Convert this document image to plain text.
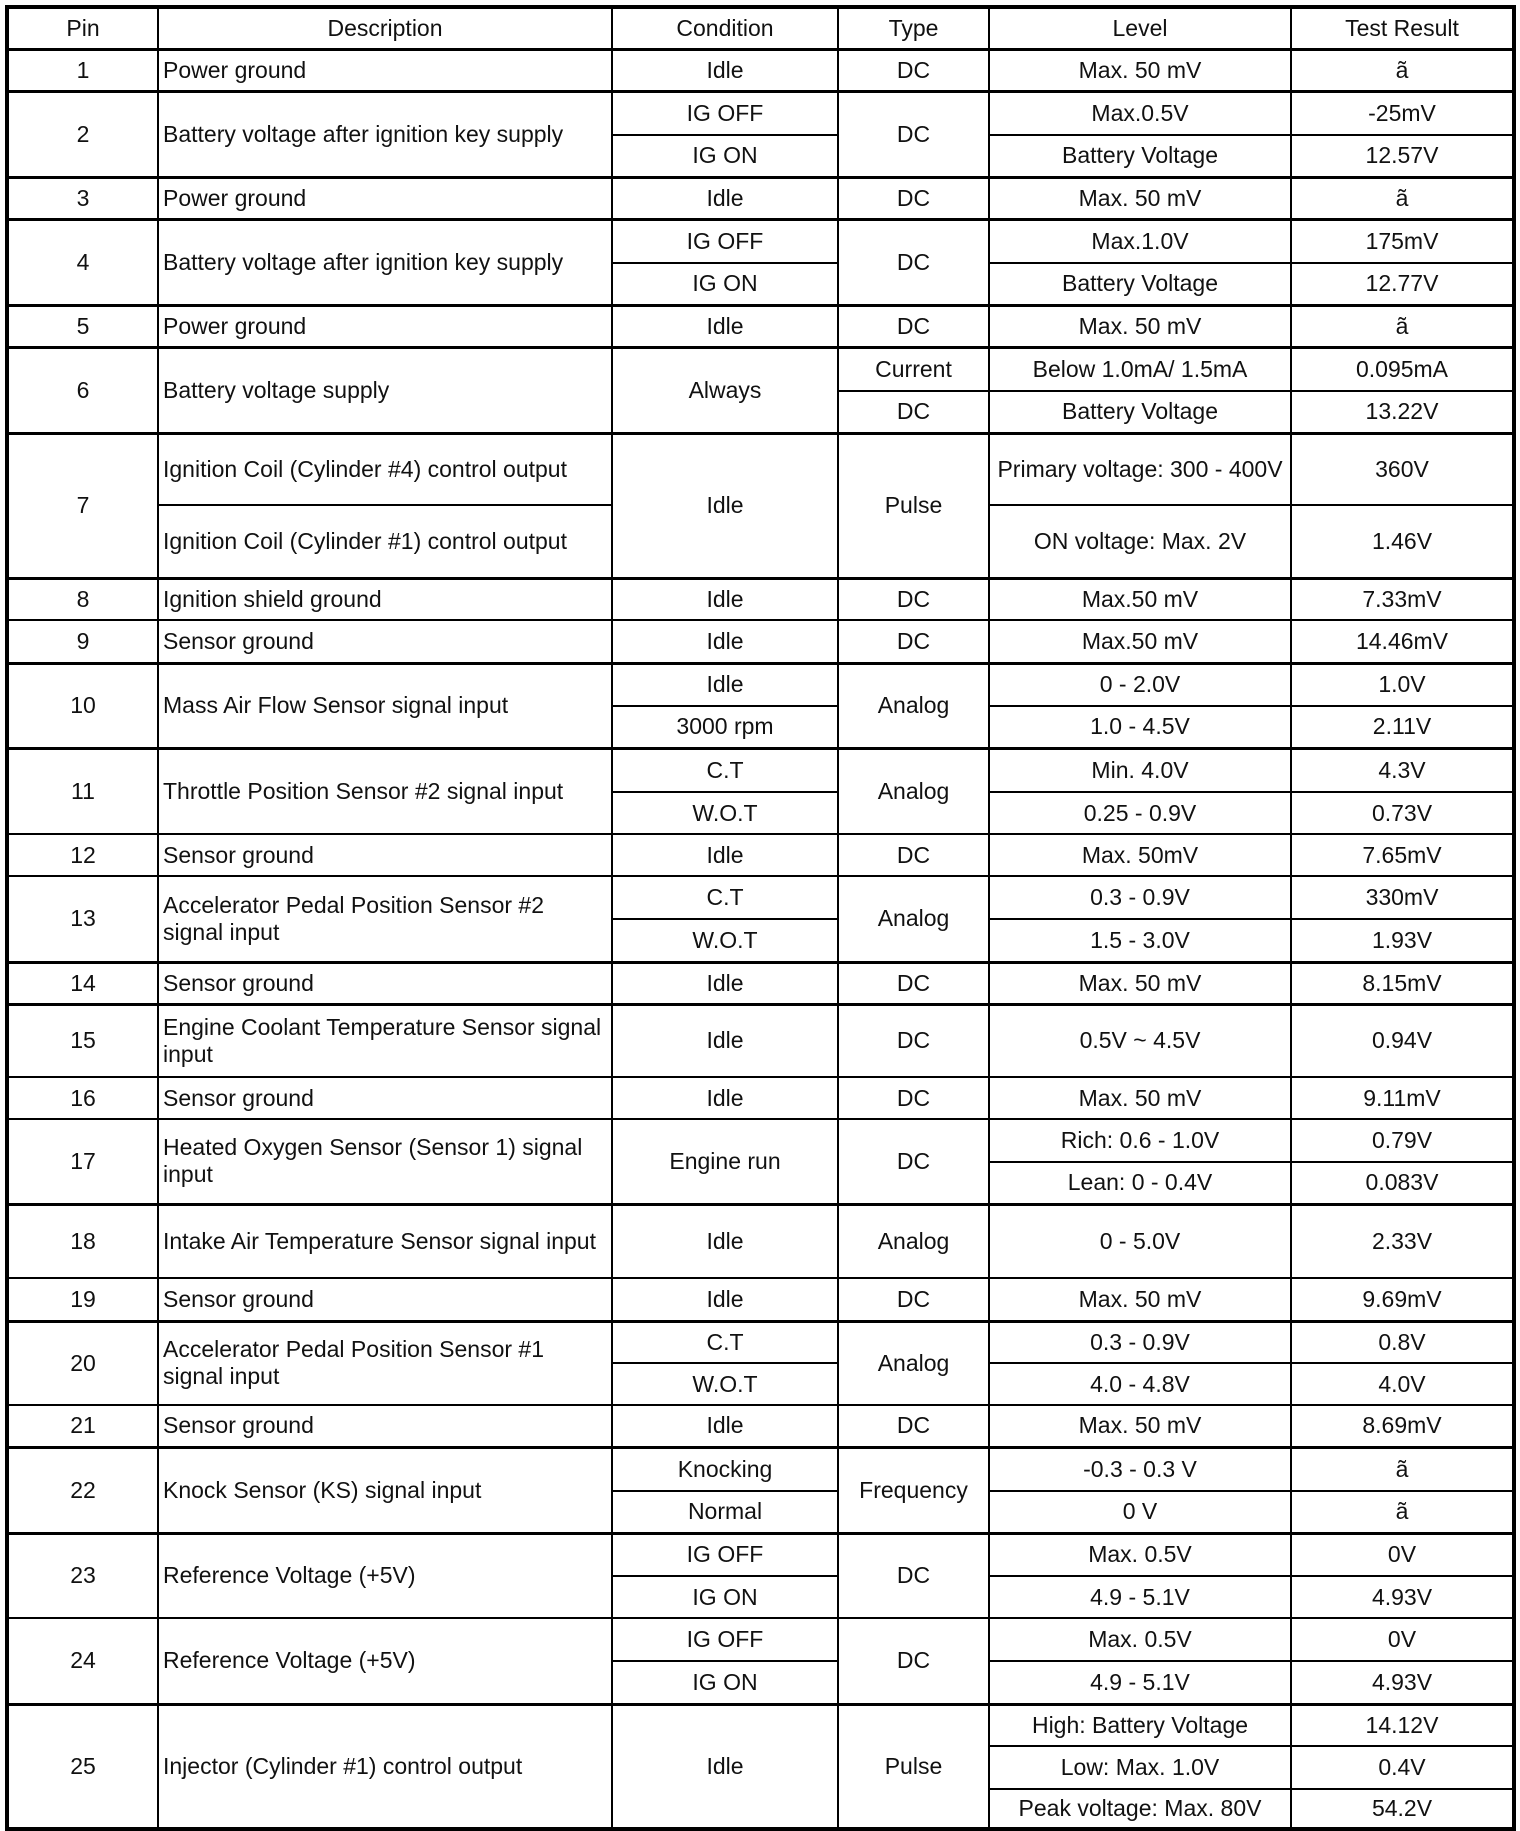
Pin	Description	Condition	Type	Level	Test Result
1	Power ground	Idle	DC	Max. 50 mV	ã
2	Battery voltage after ignition key supply	IG OFF	DC	Max.0.5V	-25mV
		IG ON		Battery Voltage	12.57V
3	Power ground	Idle	DC	Max. 50 mV	ã
4	Battery voltage after ignition key supply	IG OFF	DC	Max.1.0V	175mV
		IG ON		Battery Voltage	12.77V
5	Power ground	Idle	DC	Max. 50 mV	ã
6	Battery voltage supply	Always	Current	Below 1.0mA/ 1.5mA	0.095mA
			DC	Battery Voltage	13.22V
7	Ignition Coil (Cylinder #4) control output	Idle	Pulse	Primary voltage: 300 - 400V	360V
	Ignition Coil (Cylinder #1) control output			ON voltage: Max. 2V	1.46V
8	Ignition shield ground	Idle	DC	Max.50 mV	7.33mV
9	Sensor ground	Idle	DC	Max.50 mV	14.46mV
10	Mass Air Flow Sensor signal input	Idle	Analog	0 - 2.0V	1.0V
		3000 rpm		1.0 - 4.5V	2.11V
11	Throttle Position Sensor #2 signal input	C.T	Analog	Min. 4.0V	4.3V
		W.O.T		0.25 - 0.9V	0.73V
12	Sensor ground	Idle	DC	Max. 50mV	7.65mV
13	Accelerator Pedal Position Sensor #2 signal input	C.T	Analog	0.3 - 0.9V	330mV
		W.O.T		1.5 - 3.0V	1.93V
14	Sensor ground	Idle	DC	Max. 50 mV	8.15mV
15	Engine Coolant Temperature Sensor signal input	Idle	DC	0.5V ~ 4.5V	0.94V
16	Sensor ground	Idle	DC	Max. 50 mV	9.11mV
17	Heated Oxygen Sensor (Sensor 1) signal input	Engine run	DC	Rich: 0.6 - 1.0V	0.79V
				Lean: 0 - 0.4V	0.083V
18	Intake Air Temperature Sensor signal input	Idle	Analog	0 - 5.0V	2.33V
19	Sensor ground	Idle	DC	Max. 50 mV	9.69mV
20	Accelerator Pedal Position Sensor #1 signal input	C.T	Analog	0.3 - 0.9V	0.8V
		W.O.T		4.0 - 4.8V	4.0V
21	Sensor ground	Idle	DC	Max. 50 mV	8.69mV
22	Knock Sensor (KS) signal input	Knocking	Frequency	-0.3 - 0.3 V	ã
		Normal		0 V	ã
23	Reference Voltage (+5V)	IG OFF	DC	Max. 0.5V	0V
		IG ON		4.9 - 5.1V	4.93V
24	Reference Voltage (+5V)	IG OFF	DC	Max. 0.5V	0V
		IG ON		4.9 - 5.1V	4.93V
25	Injector (Cylinder #1) control output	Idle	Pulse	High: Battery Voltage	14.12V
				Low: Max. 1.0V	0.4V
				Peak voltage: Max. 80V	54.2V
